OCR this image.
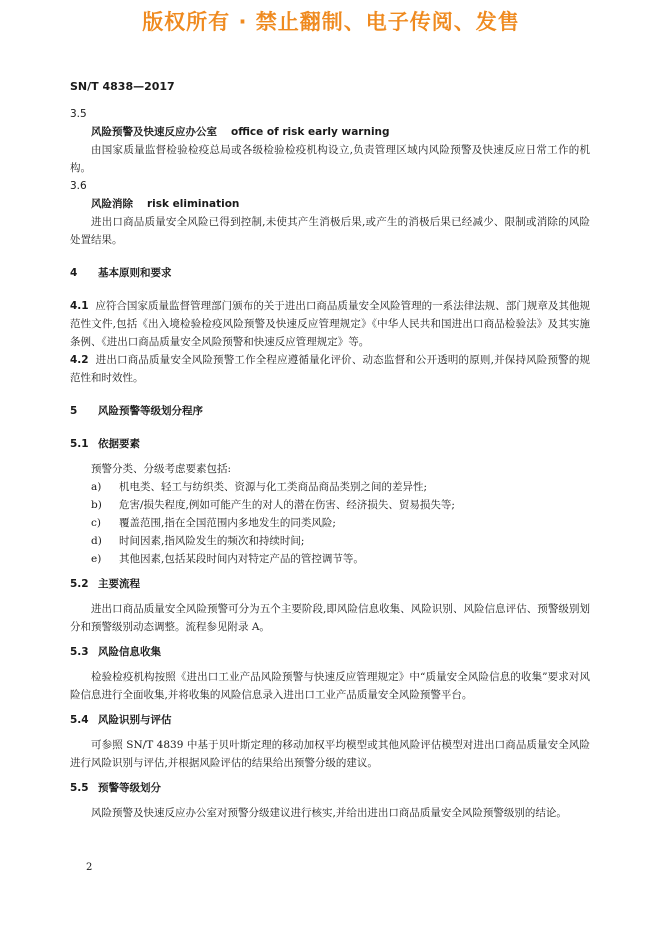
版权所有 · 禁止翻制、电子传阅、发售
SN/T 4838—2017

3.5

风险预警及快速反应办公室 office of risk early warning

由国家质量监督检验检疫总局或各级检验检疫机构设立,负责管理区域内风险预警及快速反应日常工作的机构。

3.6

风险消除 risk elimination

进出口商品质量安全风险已得到控制,未使其产生消极后果,或产生的消极后果已经减少、限制或消除的风险处置结果。

4 基本原则和要求

4.1 应符合国家质量监督管理部门颁布的关于进出口商品质量安全风险管理的一系法律法规、部门规章及其他规范性文件,包括《出入境检验检疫风险预警及快速反应管理规定》《中华人民共和国进出口商品检验法》及其实施条例、《进出口商品质量安全风险预警和快速反应管理规定》等。

4.2 进出口商品质量安全风险预警工作全程应遵循量化评价、动态监督和公开透明的原则,并保持风险预警的规范性和时效性。

5 风险预警等级划分程序
5.1 依据要素

预警分类、分级考虑要素包括:

a) 机电类、轻工与纺织类、资源与化工类商品商品类别之间的差异性;

b) 危害/损失程度,例如可能产生的对人的潜在伤害、经济损失、贸易损失等;

c) 覆盖范围,指在全国范围内多地发生的同类风险;

d) 时间因素,指风险发生的频次和持续时间;

e) 其他因素,包括某段时间内对特定产品的管控调节等。

5.2 主要流程

进出口商品质量安全风险预警可分为五个主要阶段,即风险信息收集、风险识别、风险信息评估、预警级别划分和预警级别动态调整。流程参见附录 A。

5.3 风险信息收集

检验检疫机构按照《进出口工业产品风险预警与快速反应管理规定》中“质量安全风险信息的收集”要求对风险信息进行全面收集,并将收集的风险信息录入进出口工业产品质量安全风险预警平台。

5.4 风险识别与评估

可参照 SN/T 4839 中基于贝叶斯定理的移动加权平均模型或其他风险评估模型对进出口商品质量安全风险进行风险识别与评估,并根据风险评估的结果给出预警分级的建议。

5.5 预警等级划分

风险预警及快速反应办公室对预警分级建议进行核实,并给出进出口商品质量安全风险预警级别的结论。

2
